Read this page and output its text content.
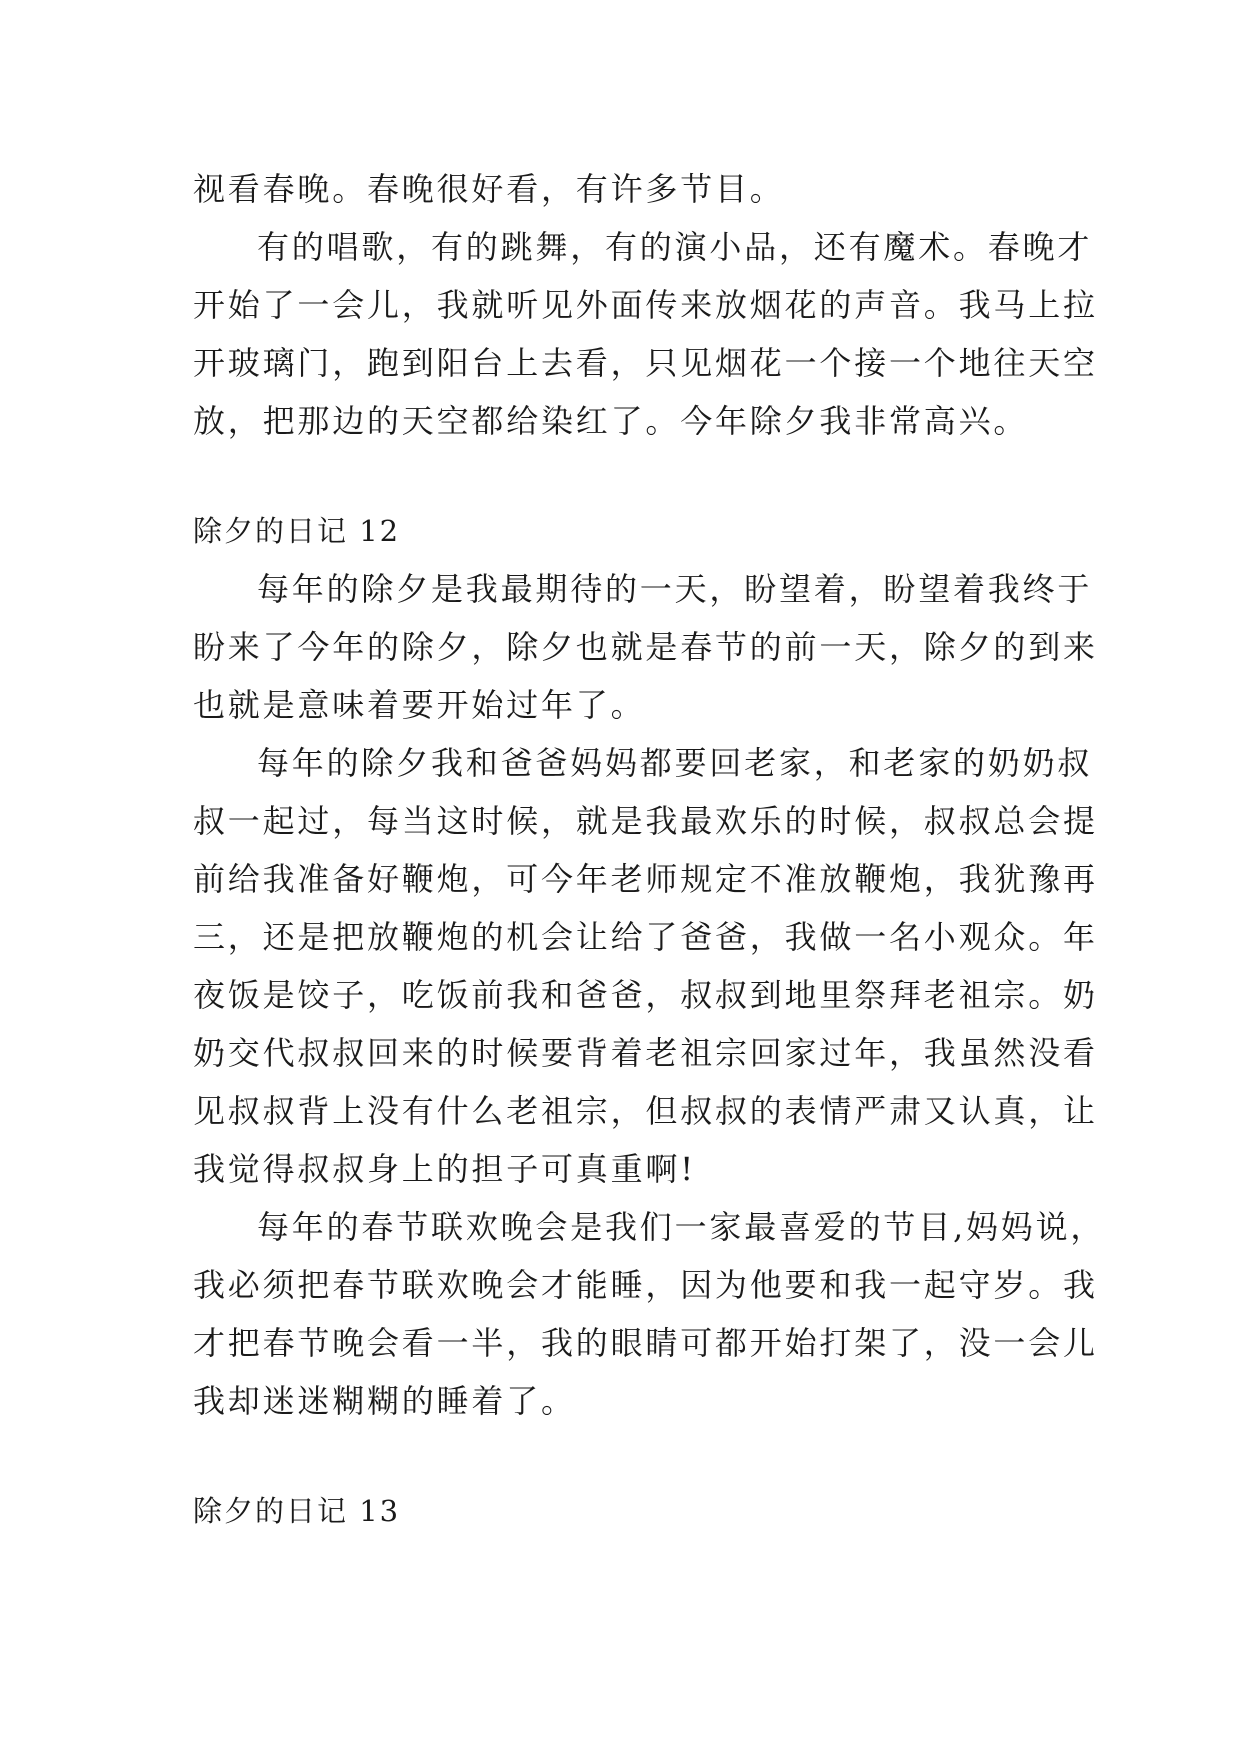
视看春晚。春晚很好看，有许多节目。
有的唱歌，有的跳舞，有的演小品，还有魔术。春晚才
开始了一会儿，我就听见外面传来放烟花的声音。我马上拉
开玻璃门，跑到阳台上去看，只见烟花一个接一个地往天空
放，把那边的天空都给染红了。今年除夕我非常高兴。
除夕的日记 12
每年的除夕是我最期待的一天，盼望着，盼望着我终于
盼来了今年的除夕，除夕也就是春节的前一天，除夕的到来
也就是意味着要开始过年了。
每年的除夕我和爸爸妈妈都要回老家，和老家的奶奶叔
叔一起过，每当这时候，就是我最欢乐的时候，叔叔总会提
前给我准备好鞭炮，可今年老师规定不准放鞭炮，我犹豫再
三，还是把放鞭炮的机会让给了爸爸，我做一名小观众。年
夜饭是饺子，吃饭前我和爸爸，叔叔到地里祭拜老祖宗。奶
奶交代叔叔回来的时候要背着老祖宗回家过年，我虽然没看
见叔叔背上没有什么老祖宗，但叔叔的表情严肃又认真，让
我觉得叔叔身上的担子可真重啊!
每年的春节联欢晚会是我们一家最喜爱的节目,妈妈说，
我必须把春节联欢晚会才能睡，因为他要和我一起守岁。我
才把春节晚会看一半，我的眼睛可都开始打架了，没一会儿
我却迷迷糊糊的睡着了。
除夕的日记 13
